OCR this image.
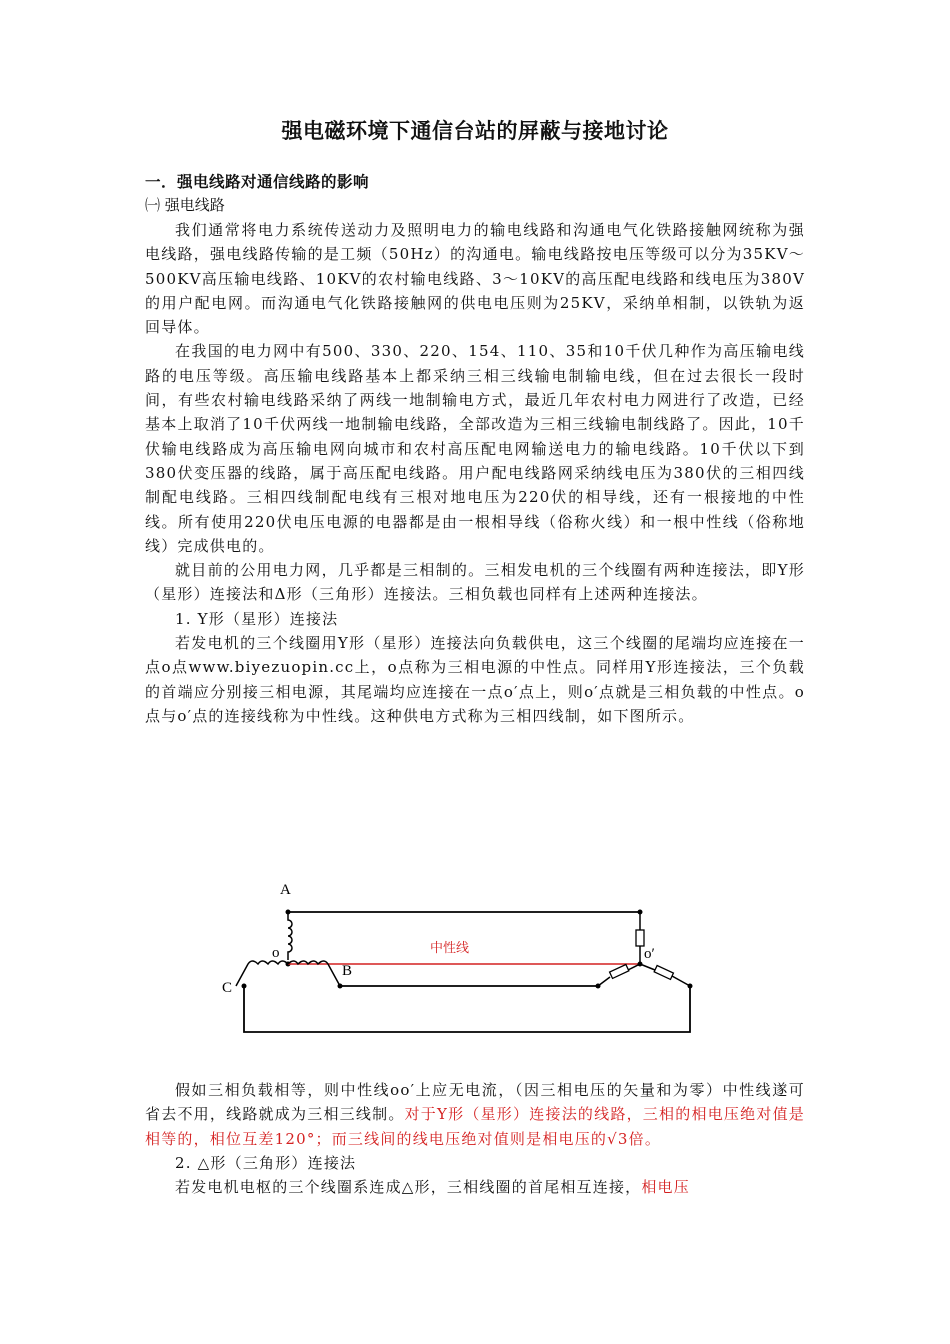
强电磁环境下通信台站的屏蔽与接地讨论
一．强电线路对通信线路的影响
㈠ 强电线路

我们通常将电力系统传送动力及照明电力的输电线路和沟通电气化铁路接触网统称为强电线路，强电线路传输的是工频（50Hz）的沟通电。输电线路按电压等级可以分为35KV～500KV高压输电线路、10KV的农村输电线路、3～10KV的高压配电线路和线电压为380V的用户配电网。而沟通电气化铁路接触网的供电电压则为25KV，采纳单相制，以铁轨为返回导体。

在我国的电力网中有500、330、220、154、110、35和10千伏几种作为高压输电线路的电压等级。高压输电线路基本上都采纳三相三线输电制输电线，但在过去很长一段时间，有些农村输电线路采纳了两线一地制输电方式，最近几年农村电力网进行了改造，已经基本上取消了10千伏两线一地制输电线路，全部改造为三相三线输电制线路了。因此，10千伏输电线路成为高压输电网向城市和农村高压配电网输送电力的输电线路。10千伏以下到380伏变压器的线路，属于高压配电线路。用户配电线路网采纳线电压为380伏的三相四线制配电线路。三相四线制配电线有三根对地电压为220伏的相导线，还有一根接地的中性线。所有使用220伏电压电源的电器都是由一根相导线（俗称火线）和一根中性线（俗称地线）完成供电的。

就目前的公用电力网，几乎都是三相制的。三相发电机的三个线圈有两种连接法，即Y形（星形）连接法和Δ形（三角形）连接法。三相负载也同样有上述两种连接法。

1. Y形（星形）连接法

若发电机的三个线圈用Y形（星形）连接法向负载供电，这三个线圈的尾端均应连接在一点o点www.biyezuopin.cc上，o点称为三相电源的中性点。同样用Y形连接法，三个负载的首端应分别接三相电源，其尾端均应连接在一点o′点上，则o′点就是三相负载的中性点。o点与o′点的连接线称为中性线。这种供电方式称为三相四线制，如下图所示。

A
o
B
C
o′
中性线

假如三相负载相等，则中性线oo′上应无电流，（因三相电压的矢量和为零）中性线遂可省去不用，线路就成为三相三线制。对于Y形（星形）连接法的线路，三相的相电压绝对值是相等的，相位互差120°；而三线间的线电压绝对值则是相电压的√3倍。

2. △形（三角形）连接法

若发电机电枢的三个线圈系连成△形，三相线圈的首尾相互连接，相电压
